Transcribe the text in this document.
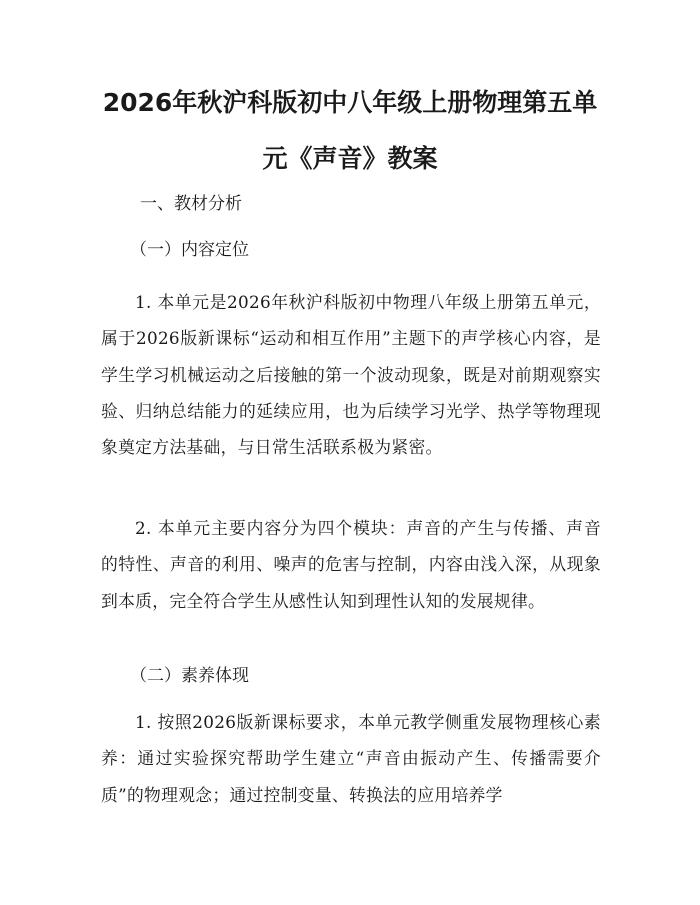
2026年秋沪科版初中八年级上册物理第五单元《声音》教案
一、教材分析
（一）内容定位

1. 本单元是2026年秋沪科版初中物理八年级上册第五单元，属于2026版新课标“运动和相互作用”主题下的声学核心内容，是学生学习机械运动之后接触的第一个波动现象，既是对前期观察实验、归纳总结能力的延续应用，也为后续学习光学、热学等物理现象奠定方法基础，与日常生活联系极为紧密。

2. 本单元主要内容分为四个模块：声音的产生与传播、声音的特性、声音的利用、噪声的危害与控制，内容由浅入深，从现象到本质，完全符合学生从感性认知到理性认知的发展规律。

（二）素养体现

1. 按照2026版新课标要求，本单元教学侧重发展物理核心素养：通过实验探究帮助学生建立“声音由振动产生、传播需要介质”的物理观念；通过控制变量、转换法的应用培养学
